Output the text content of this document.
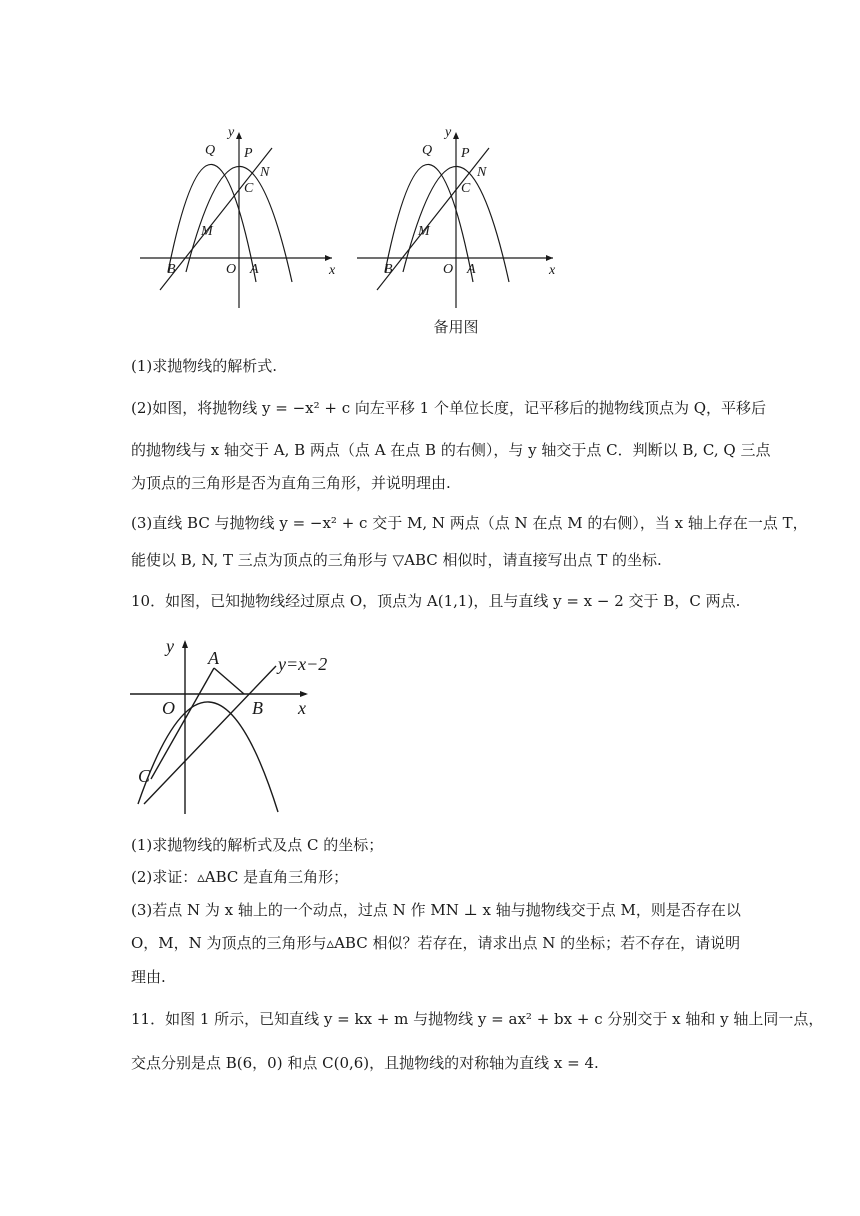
y
x
O A
B
C
M
N
P
Q
y
x
O A
B
C
M
N
P
Q
备用图
(1)求抛物线的解析式.
(2)如图，将抛物线 y = −x² + c 向左平移 1 个单位长度，记平移后的抛物线顶点为 Q，平移后
的抛物线与 x 轴交于 A, B 两点（点 A 在点 B 的右侧），与 y 轴交于点 C．判断以 B, C, Q 三点
为顶点的三角形是否为直角三角形，并说明理由.
(3)直线 BC 与抛物线 y = −x² + c 交于 M, N 两点（点 N 在点 M 的右侧），当 x 轴上存在一点 T，
能使以 B, N, T 三点为顶点的三角形与 ▽ABC 相似时，请直接写出点 T 的坐标.
10．如图，已知抛物线经过原点 O，顶点为 A(1,1)，且与直线 y = x − 2 交于 B，C 两点.
y
x
O
A
B
C
y=x−2
(1)求抛物线的解析式及点 C 的坐标；
(2)求证：▵ABC 是直角三角形；
(3)若点 N 为 x 轴上的一个动点，过点 N 作 MN ⊥ x 轴与抛物线交于点 M，则是否存在以
O，M，N 为顶点的三角形与▵ABC 相似？若存在，请求出点 N 的坐标；若不存在，请说明
理由.
11．如图 1 所示，已知直线 y = kx + m 与抛物线 y = ax² + bx + c 分别交于 x 轴和 y 轴上同一点，
交点分别是点 B(6，0) 和点 C(0,6)，且抛物线的对称轴为直线 x = 4.
